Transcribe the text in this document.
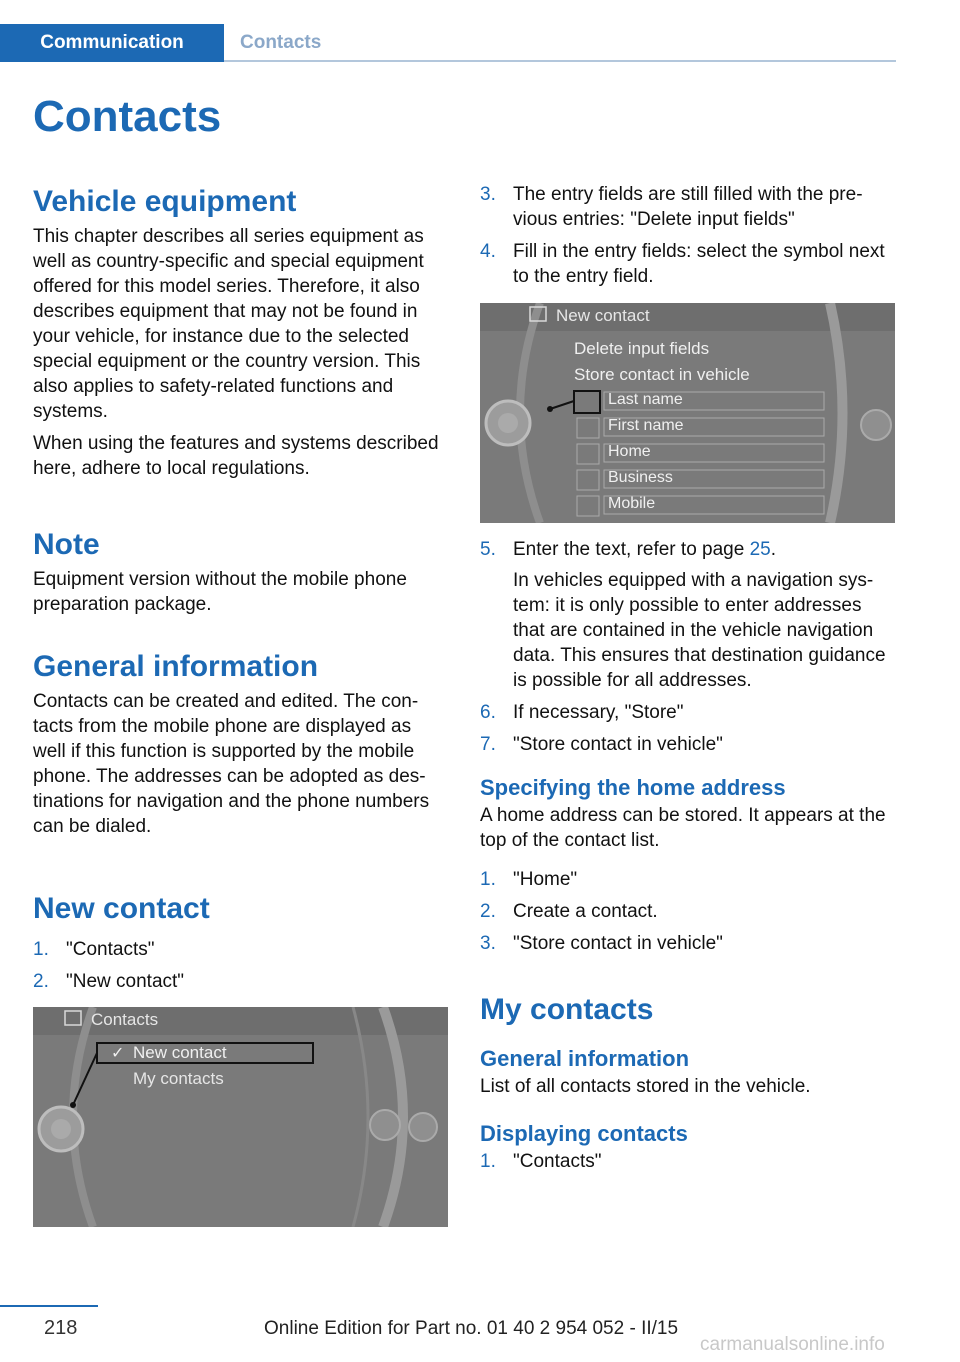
Communication	Contacts
Contacts
Vehicle equipment

This chapter describes all series equipment as well as country-specific and special equipment offered for this model series. Therefore, it also describes equipment that may not be found in your vehicle, for instance due to the selected special equipment or the country version. This also applies to safety-related functions and systems.

When using the features and systems described here, adhere to local regulations.

Note

Equipment version without the mobile phone preparation package.

General information

Contacts can be created and edited. The contacts from the mobile phone are displayed as well if this function is supported by the mobile phone. The addresses can be adopted as destinations for navigation and the phone numbers can be dialed.

New contact
1. "Contacts"
2. "New contact"
Contacts
✓ New contact
My contacts
3. The entry fields are still filled with the previous entries: "Delete input fields"
4. Fill in the entry fields: select the symbol next to the entry field.
New contact
Delete input fields
Store contact in vehicle
Last name
First name
Home
Business
Mobile
5. Enter the text, refer to page 25.
In vehicles equipped with a navigation system: it is only possible to enter addresses that are contained in the vehicle navigation data. This ensures that destination guidance is possible for all addresses.
6. If necessary, "Store"
7. "Store contact in vehicle"
Specifying the home address

A home address can be stored. It appears at the top of the contact list.

1. "Home"
2. Create a contact.
3. "Store contact in vehicle"
My contacts
General information

List of all contacts stored in the vehicle.

Displaying contacts
1. "Contacts"
218	Online Edition for Part no. 01 40 2 954 052 - II/15
carmanualsonline.info
